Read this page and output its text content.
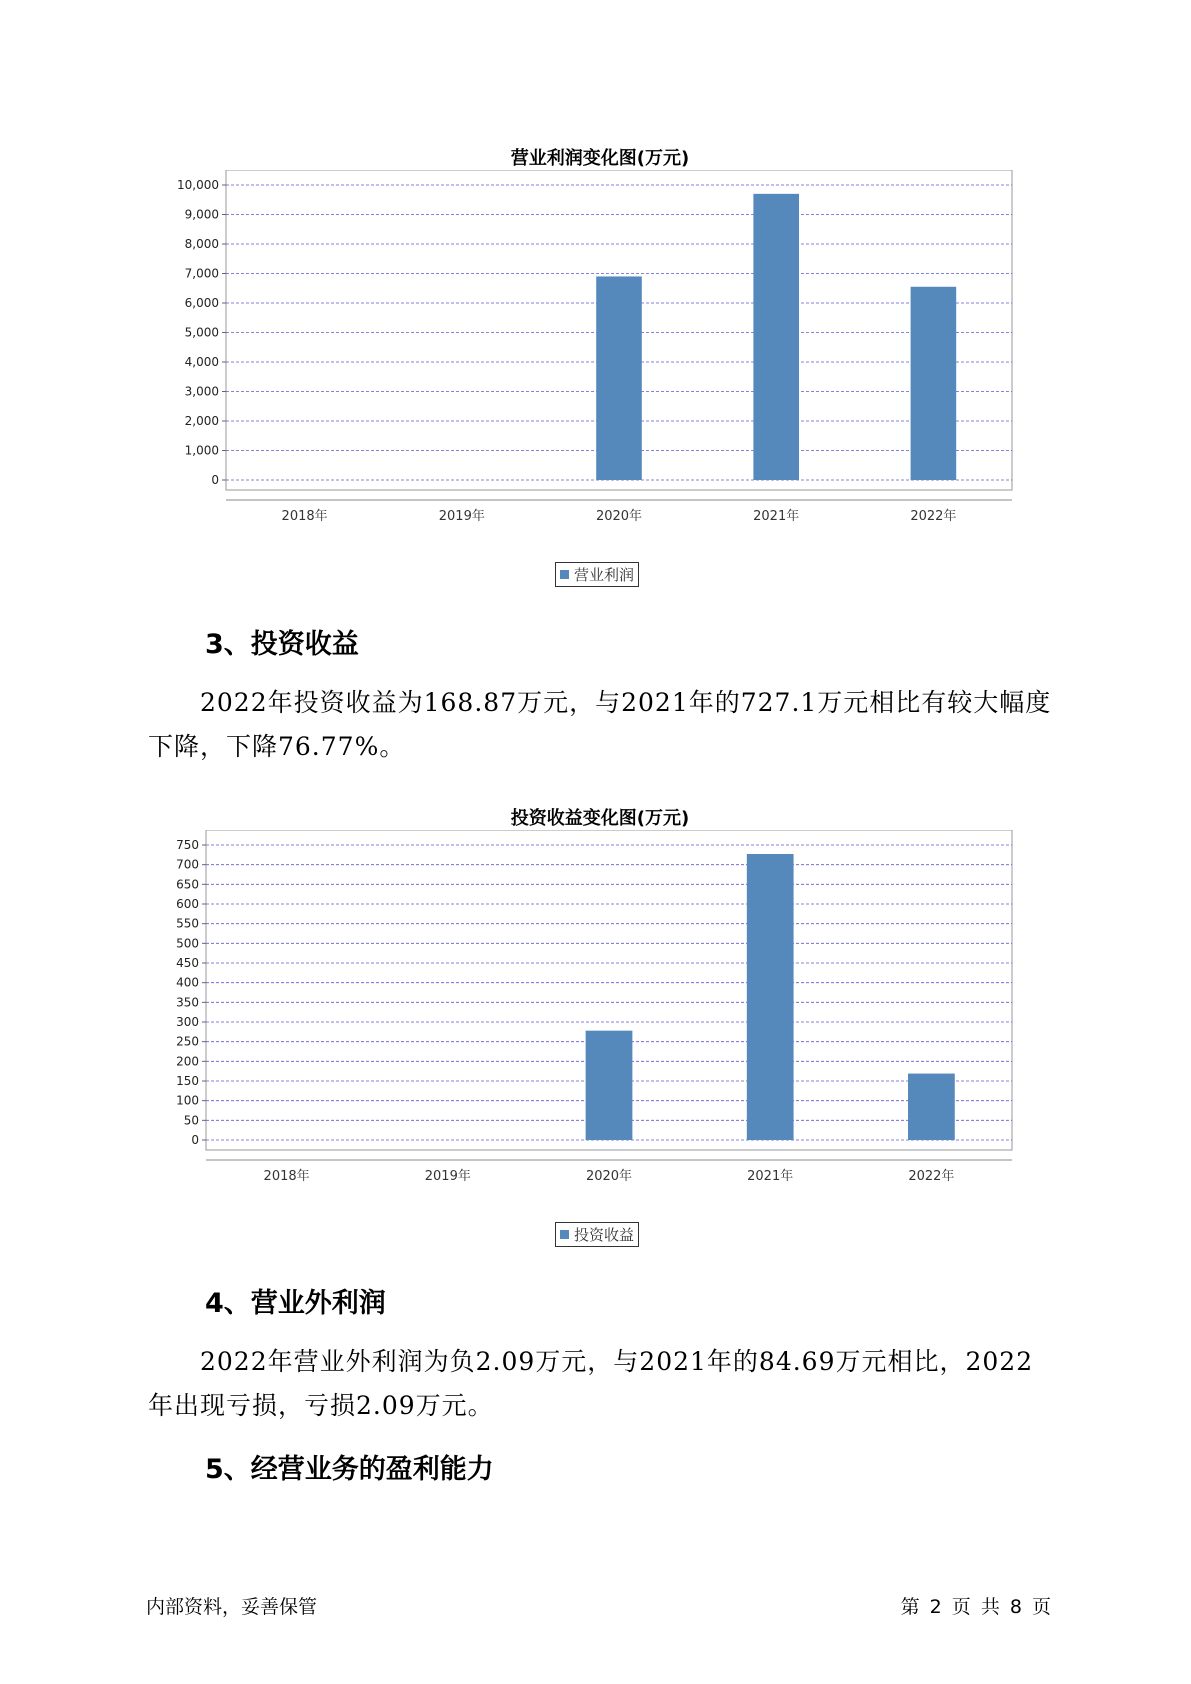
营业利润变化图(万元)
0
1,000
2,000
3,000
4,000
5,000
6,000
7,000
8,000
9,000
10,000
2018年	2019年	2020年	2021年	2022年
营业利润
3、投资收益

2022年投资收益为168.87万元，与2021年的727.1万元相比有较大幅度下降，下降76.77%。

投资收益变化图(万元)
0
50
100
150
200
250
300
350
400
450
500
550
600
650
700
750
2018年	2019年	2020年	2021年	2022年
投资收益
4、营业外利润

2022年营业外利润为负2.09万元，与2021年的84.69万元相比，2022年出现亏损，亏损2.09万元。

5、经营业务的盈利能力
内部资料，妥善保管	第 2 页 共 8 页
